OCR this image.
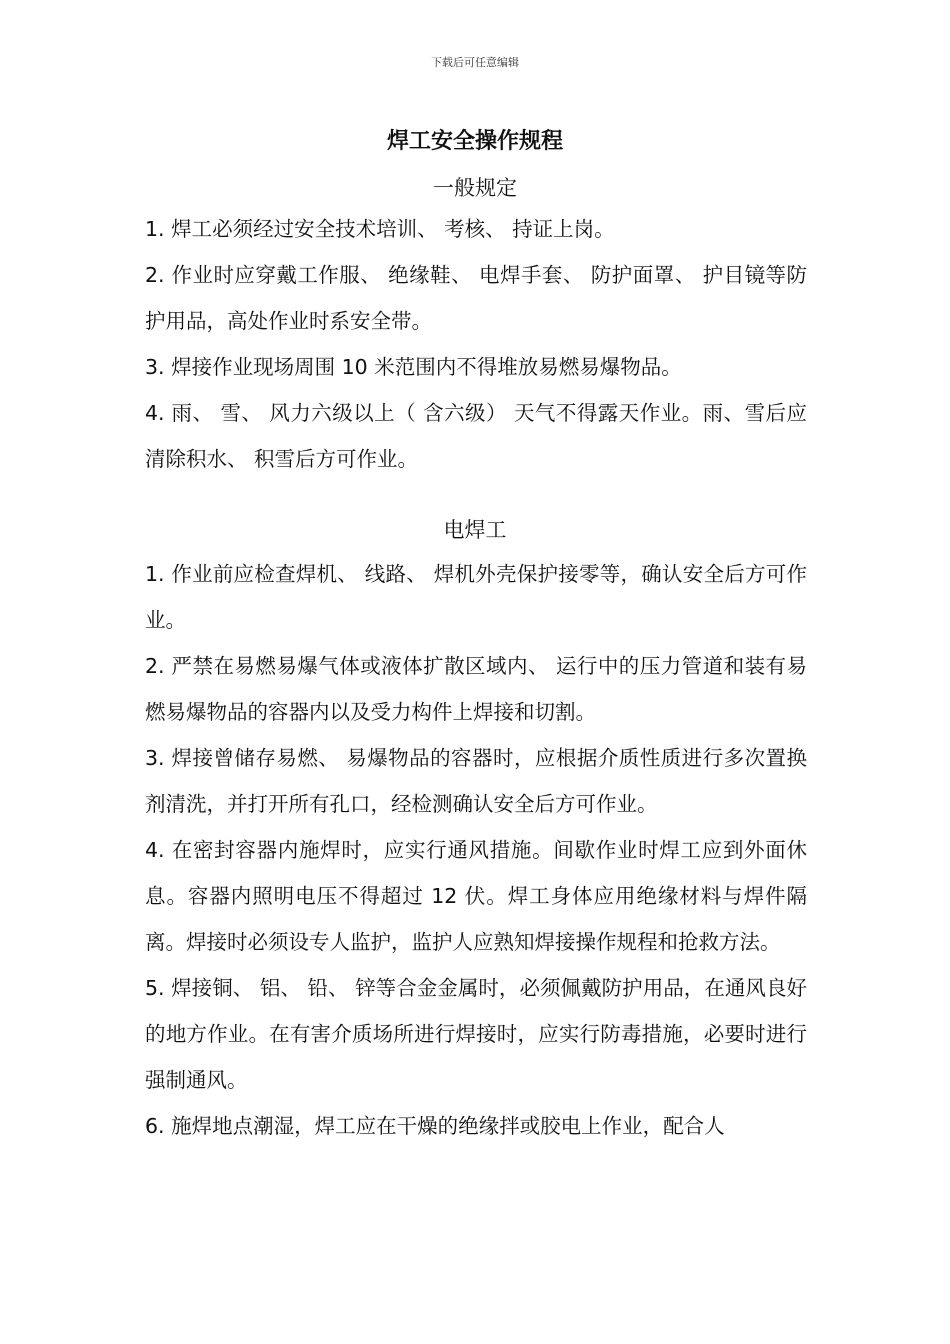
下载后可任意编辑
焊工安全操作规程
一般规定

1. 焊工必须经过安全技术培训、 考核、 持证上岗。

2. 作业时应穿戴工作服、 绝缘鞋、 电焊手套、 防护面罩、 护目镜等防护用品，高处作业时系安全带。

3. 焊接作业现场周围 10 米范围内不得堆放易燃易爆物品。

4. 雨、 雪、 风力六级以上（ 含六级） 天气不得露天作业。雨、雪后应清除积水、 积雪后方可作业。

电焊工

1. 作业前应检查焊机、 线路、 焊机外壳保护接零等，确认安全后方可作业。

2. 严禁在易燃易爆气体或液体扩散区域内、 运行中的压力管道和装有易燃易爆物品的容器内以及受力构件上焊接和切割。

3. 焊接曾储存易燃、 易爆物品的容器时，应根据介质性质进行多次置换剂清洗，并打开所有孔口，经检测确认安全后方可作业。

4. 在密封容器内施焊时，应实行通风措施。间歇作业时焊工应到外面休息。容器内照明电压不得超过 12 伏。焊工身体应用绝缘材料与焊件隔离。焊接时必须设专人监护，监护人应熟知焊接操作规程和抢救方法。

5. 焊接铜、 铝、 铅、 锌等合金金属时，必须佩戴防护用品，在通风良好的地方作业。在有害介质场所进行焊接时，应实行防毒措施，必要时进行强制通风。

6. 施焊地点潮湿，焊工应在干燥的绝缘拌或胶电上作业，配合人
